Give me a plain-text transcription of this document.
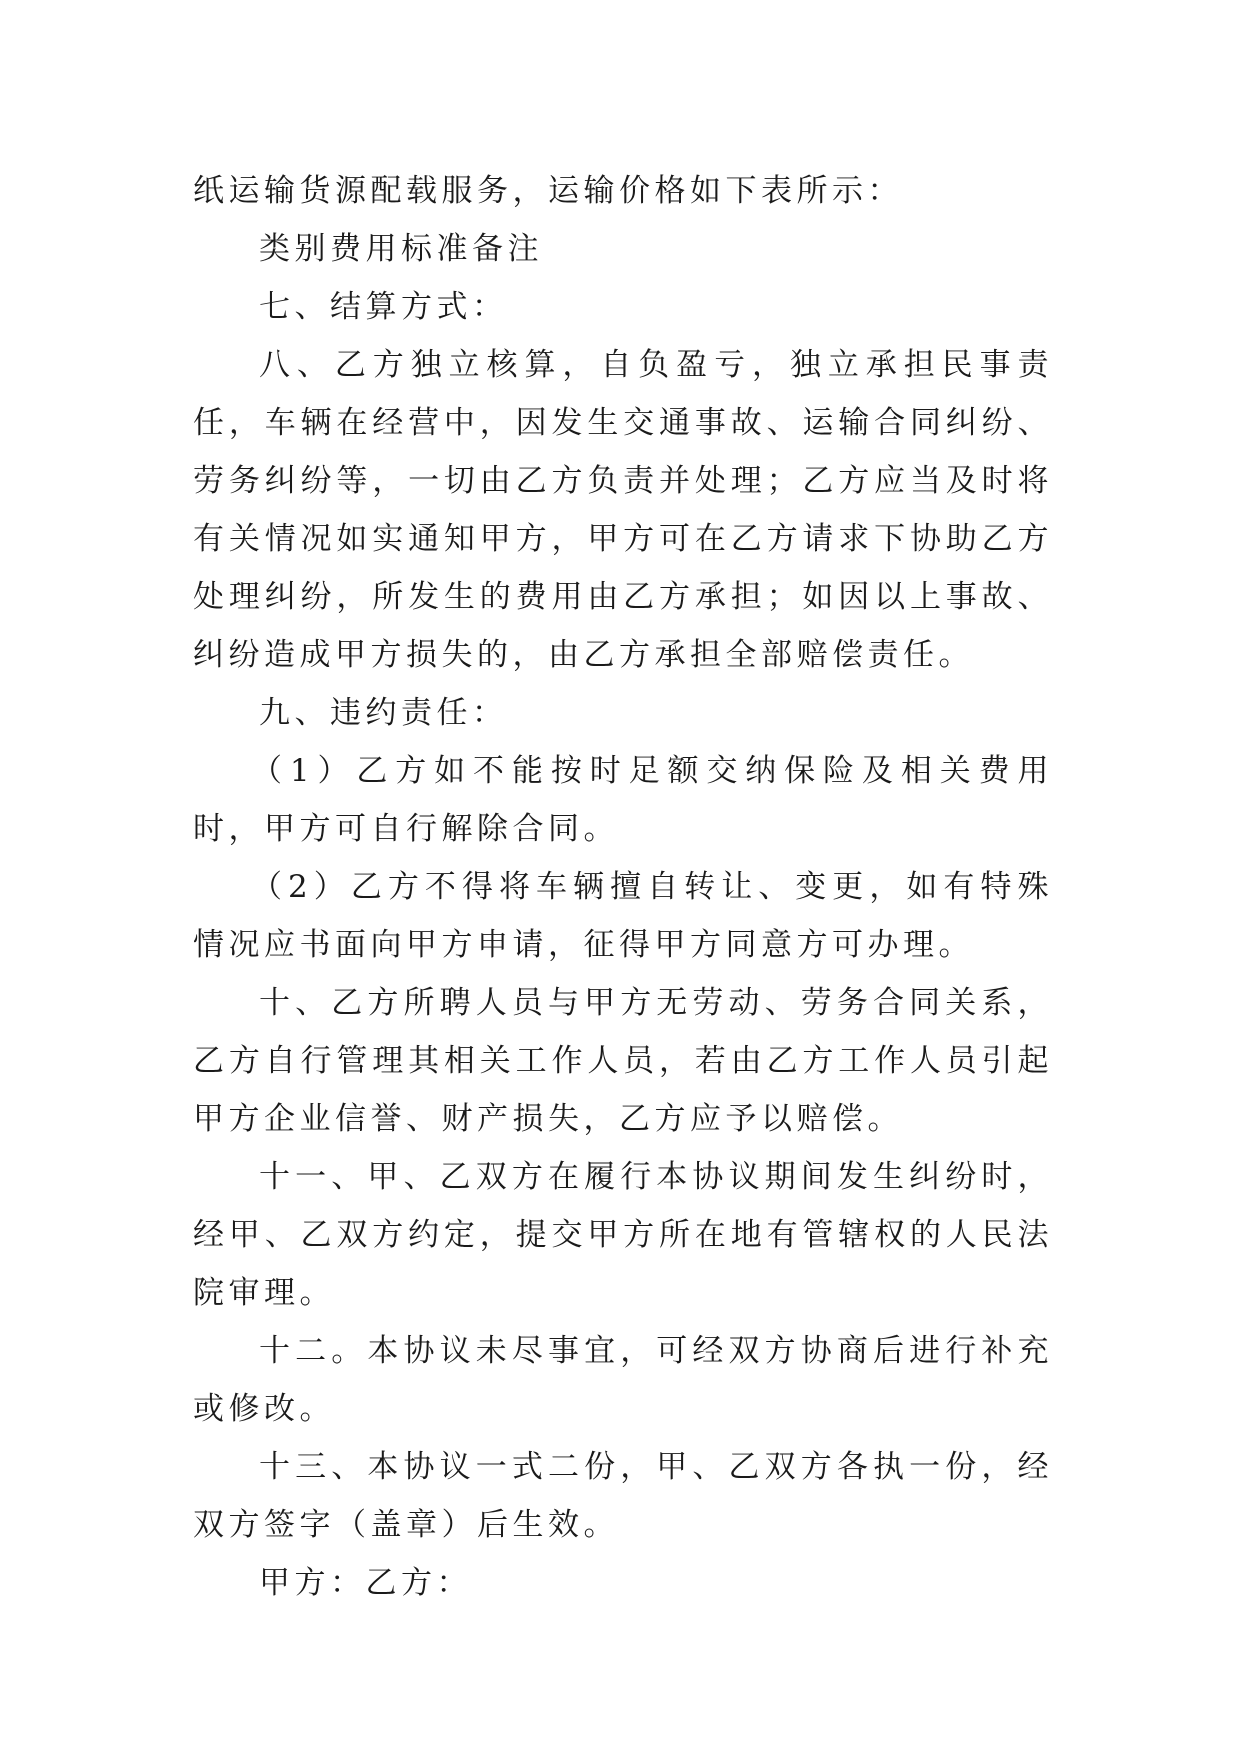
纸运输货源配载服务，运输价格如下表所示：

类别费用标准备注

七、结算方式：

八、乙方独立核算，自负盈亏，独立承担民事责任，车辆在经营中，因发生交通事故、运输合同纠纷、劳务纠纷等，一切由乙方负责并处理；乙方应当及时将有关情况如实通知甲方，甲方可在乙方请求下协助乙方处理纠纷，所发生的费用由乙方承担；如因以上事故、纠纷造成甲方损失的，由乙方承担全部赔偿责任。

九、违约责任：

（1）乙方如不能按时足额交纳保险及相关费用时，甲方可自行解除合同。

（2）乙方不得将车辆擅自转让、变更，如有特殊情况应书面向甲方申请，征得甲方同意方可办理。

十、乙方所聘人员与甲方无劳动、劳务合同关系，乙方自行管理其相关工作人员，若由乙方工作人员引起甲方企业信誉、财产损失，乙方应予以赔偿。

十一、甲、乙双方在履行本协议期间发生纠纷时，经甲、乙双方约定，提交甲方所在地有管辖权的人民法院审理。

十二。本协议未尽事宜，可经双方协商后进行补充或修改。

十三、本协议一式二份，甲、乙双方各执一份，经双方签字（盖章）后生效。

甲方：乙方：
